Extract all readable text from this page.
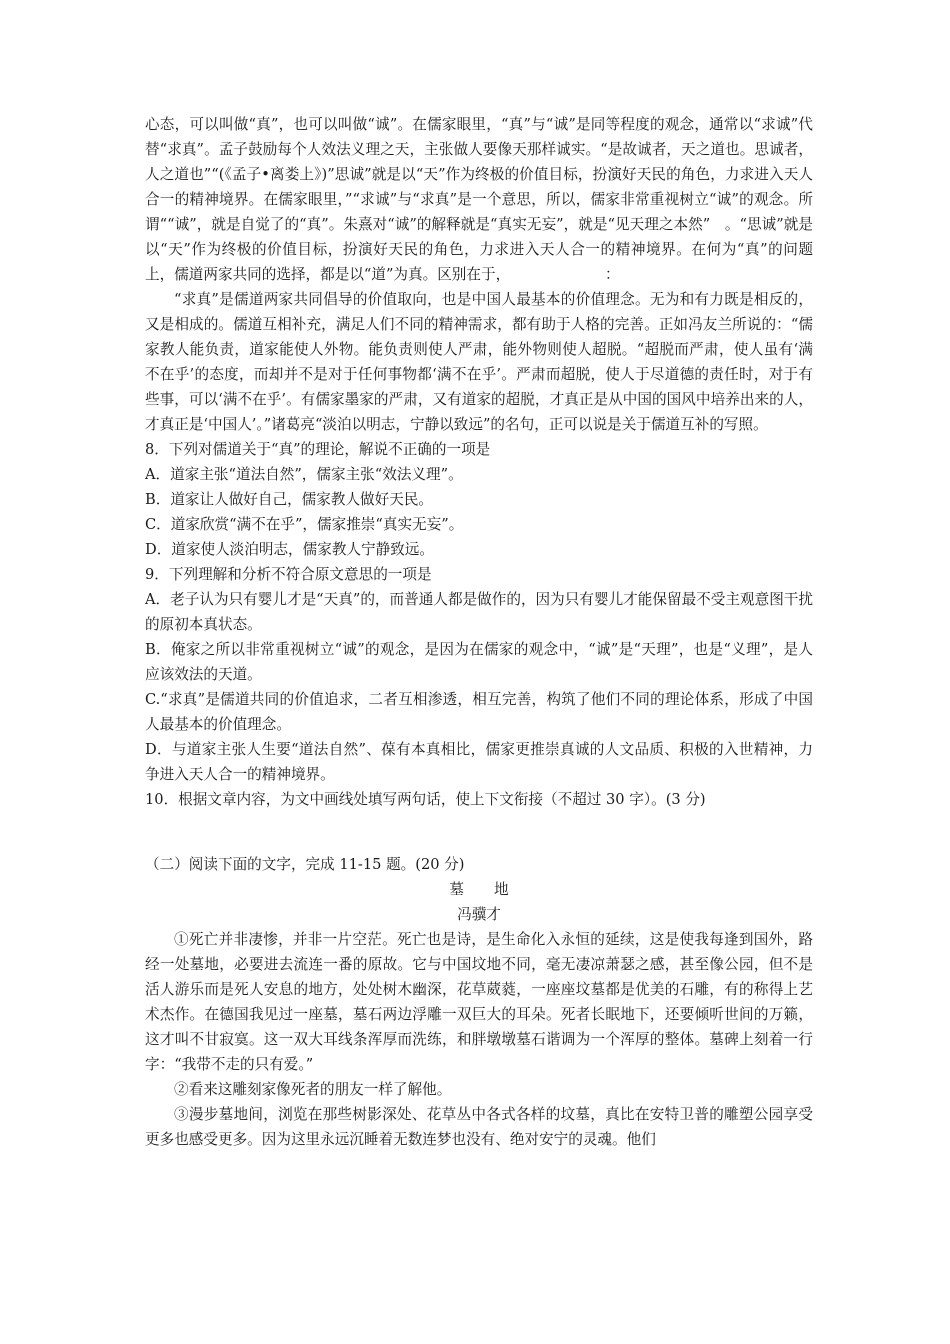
心态，可以叫做“真”，也可以叫做“诚”。在儒家眼里，“真”与“诚”是同等程度的观念，通常以“求诚”代替“求真”。孟子鼓励每个人效法义理之天，主张做人要像天那样诚实。“是故诚者，天之道也。思诚者，人之道也”“(《孟子•离娄上》)”思诚”就是以“天”作为终极的价值目标，扮演好天民的角色，力求进入天人合一的精神境界。在儒家眼里，”“求诚”与“求真”是一个意思，所以，儒家非常重视树立“诚”的观念。所谓““诚”，就是自觉了的“真”。朱熹对“诚”的解释就是“真实无妄”，就是“见天理之本然”　。“思诚”就是以“天”作为终极的价值目标，扮演好天民的角色，力求进入天人合一的精神境界。在何为“真”的问题上，儒道两家共同的选择，都是以“道”为真。区别在于，　　　　　　　：

“求真”是儒道两家共同倡导的价值取向，也是中国人最基本的价值理念。无为和有力既是相反的，又是相成的。儒道互相补充，满足人们不同的精神需求，都有助于人格的完善。正如冯友兰所说的：“儒家教人能负责，道家能使人外物。能负责则使人严肃，能外物则使人超脱。“超脱而严肃，使人虽有‘满不在乎’的态度，而却并不是对于任何事物都‘满不在乎’。严肃而超脱，使人于尽道德的责任时，对于有些事，可以‘满不在乎’。有儒家墨家的严肃，又有道家的超脱，才真正是从中国的国风中培养出来的人，才真正是‘中国人’。”诸葛亮“淡泊以明志，宁静以致远”的名句，正可以说是关于儒道互补的写照。

8．下列对儒道关于“真”的理论，解说不正确的一项是

A．道家主张“道法自然”，儒家主张“效法义理”。

B．道家让人做好自己，儒家教人做好天民。

C．道家欣赏“满不在乎”，儒家推崇“真实无妄”。

D．道家使人淡泊明志，儒家教人宁静致远。

9．下列理解和分析不符合原文意思的一项是

A．老子认为只有婴儿才是“天真”的，而普通人都是做作的，因为只有婴儿才能保留最不受主观意图干扰的原初本真状态。

B．俺家之所以非常重视树立“诚”的观念，是因为在儒家的观念中，“诚”是“天理”，也是“义理”，是人应该效法的天道。

C.“求真”是儒道共同的价值追求，二者互相渗透，相互完善，构筑了他们不同的理论体系，形成了中国人最基本的价值理念。

D．与道家主张人生要“道法自然”、葆有本真相比，儒家更推崇真诚的人文品质、积极的入世精神，力争进入天人合一的精神境界。

10．根据文章内容，为文中画线处填写两句话，使上下文衔接（不超过 30 字）。(3 分)

（二）阅读下面的文字，完成 11-15 题。(20 分)

墓地

冯骥才

①死亡并非凄惨，并非一片空茫。死亡也是诗，是生命化入永恒的延续，这是使我每逢到国外，路经一处墓地，必要进去流连一番的原故。它与中国坟地不同，毫无凄凉萧瑟之感，甚至像公园，但不是活人游乐而是死人安息的地方，处处树木幽深，花草葳蕤，一座座坟墓都是优美的石雕，有的称得上艺术杰作。在德国我见过一座墓，墓石两边浮雕一双巨大的耳朵。死者长眠地下，还要倾听世间的万籁，这才叫不甘寂寞。这一双大耳线条浑厚而洗练，和胖墩墩墓石谐调为一个浑厚的整体。墓碑上刻着一行字：“我带不走的只有爱。”

②看来这雕刻家像死者的朋友一样了解他。

③漫步墓地间，浏览在那些树影深处、花草丛中各式各样的坟墓，真比在安特卫普的雕塑公园享受更多也感受更多。因为这里永远沉睡着无数连梦也没有、绝对安宁的灵魂。他们
